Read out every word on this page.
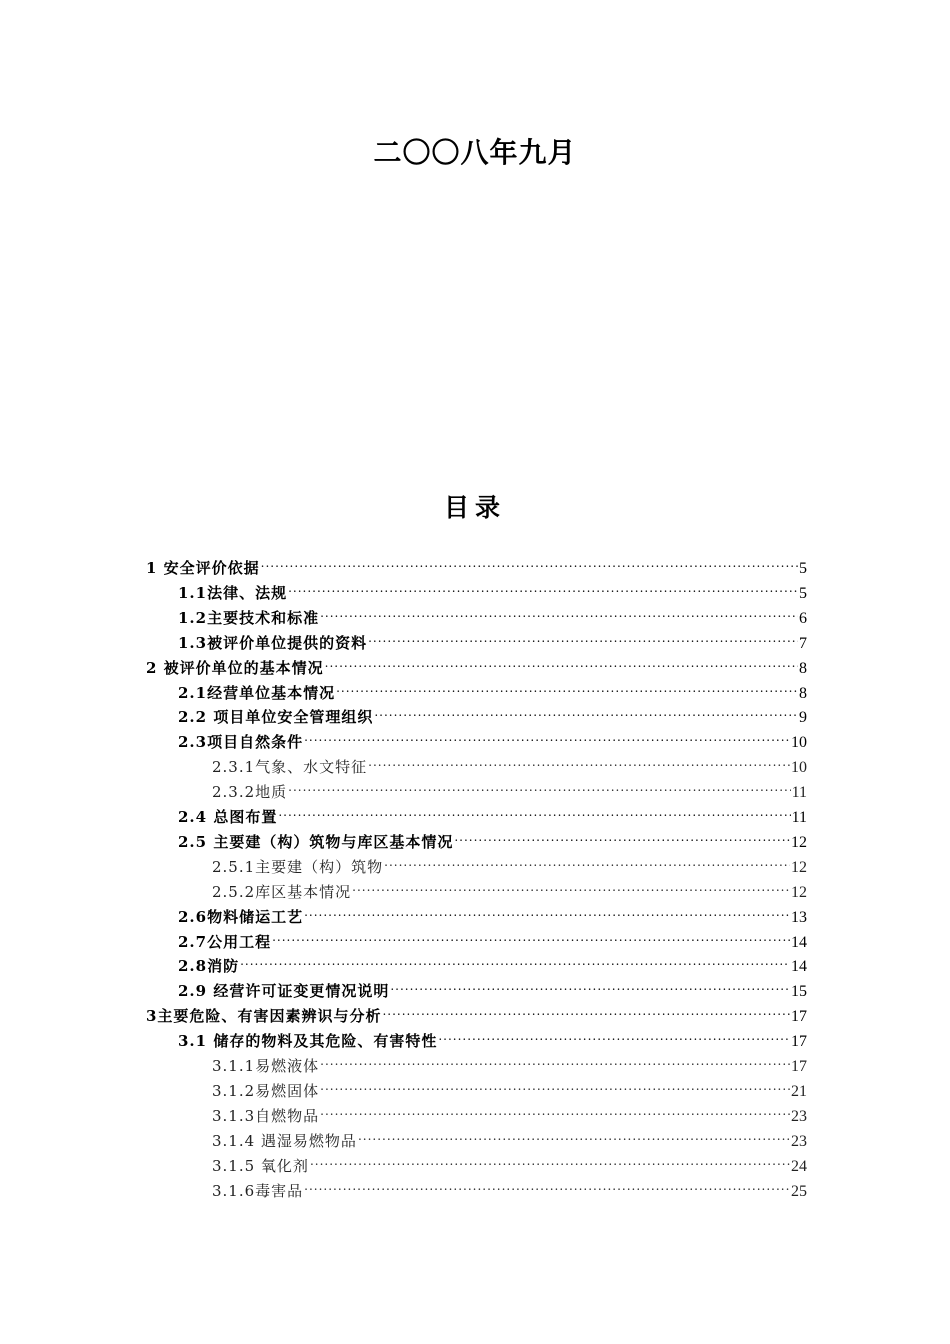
二〇〇八年九月
目录
1 安全评价依据 .....	5
1.1法律、法规 .....	5
1.2主要技术和标准 .....	6
1.3被评价单位提供的资料 .....	7
2 被评价单位的基本情况 .....	8
2.1经营单位基本情况 .....	8
2.2 项目单位安全管理组织 .....	9
2.3项目自然条件 .....	10
2.3.1气象、水文特征 .....	10
2.3.2地质 .....	11
2.4 总图布置 .....	11
2.5 主要建（构）筑物与库区基本情况 .....	12
2.5.1主要建（构）筑物 .....	12
2.5.2库区基本情况 .....	12
2.6物料储运工艺 .....	13
2.7公用工程 .....	14
2.8消防 .....	14
2.9 经营许可证变更情况说明 .....	15
3主要危险、有害因素辨识与分析 .....	17
3.1 储存的物料及其危险、有害特性 .....	17
3.1.1易燃液体 .....	17
3.1.2易燃固体 .....	21
3.1.3自燃物品 .....	23
3.1.4 遇湿易燃物品 .....	23
3.1.5 氧化剂 .....	24
3.1.6毒害品 .....	25
